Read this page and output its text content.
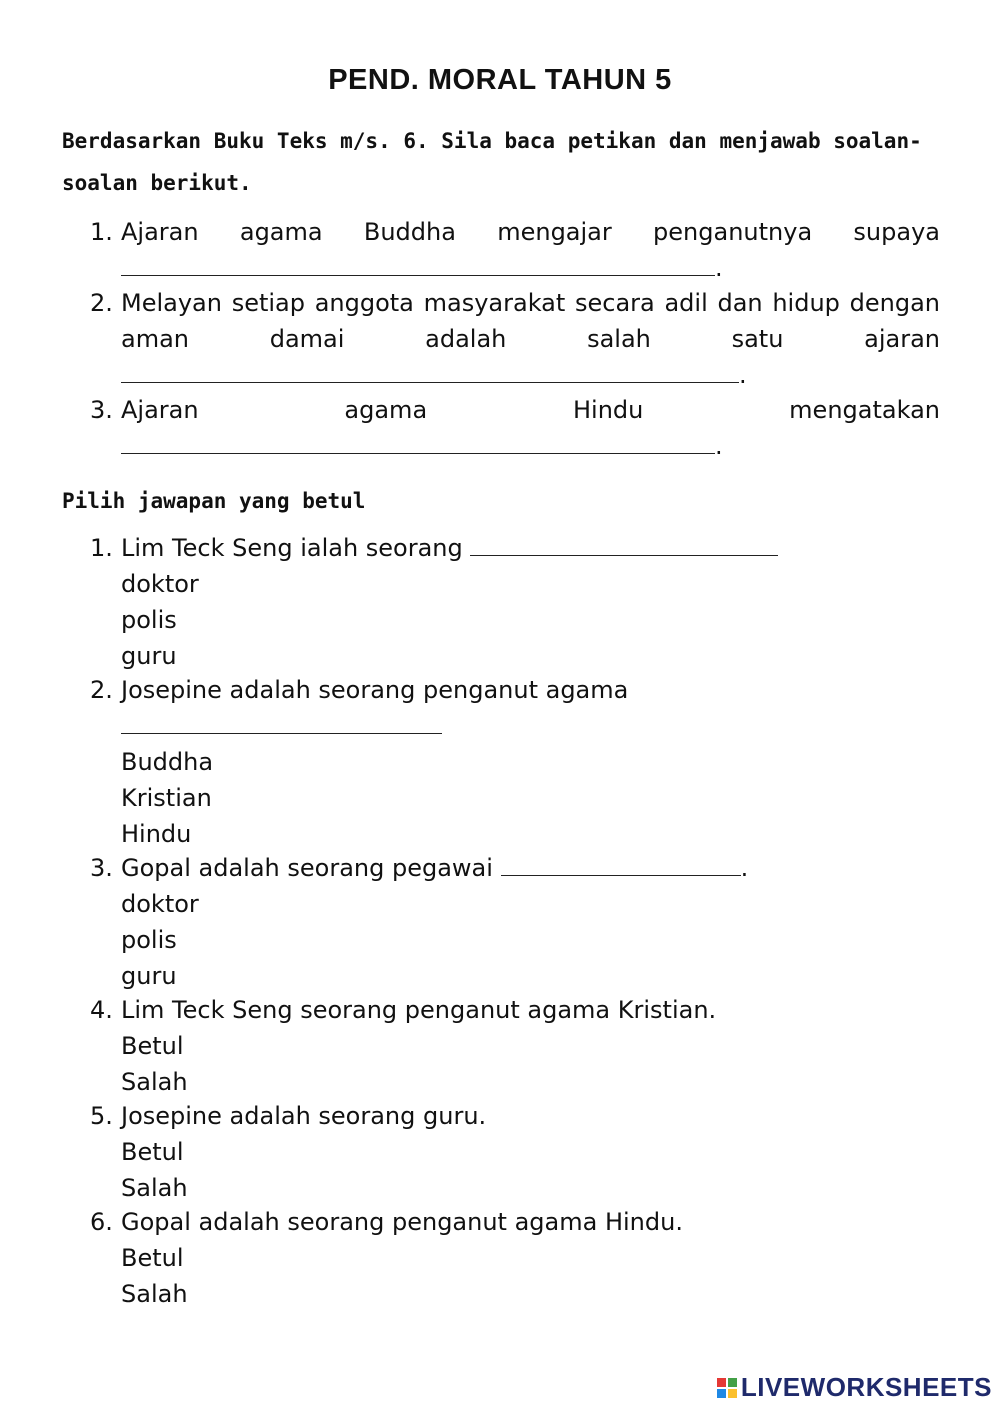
PEND. MORAL TAHUN 5
Berdasarkan Buku Teks m/s. 6. Sila baca petikan dan menjawab soalan-soalan berikut.
1. Ajaran agama Buddha mengajar penganutnya supaya
.
2. Melayan setiap anggota masyarakat secara adil dan hidup dengan aman damai adalah salah satu ajaran
.
3. Ajaran agama Hindu mengatakan
.
Pilih jawapan yang betul
1. Lim Teck Seng ialah seorang
doktor
polis
guru
2. Josepine adalah seorang penganut agama
Buddha
Kristian
Hindu
3. Gopal adalah seorang pegawai	.
doktor
polis
guru
4. Lim Teck Seng seorang penganut agama Kristian.
Betul
Salah
5. Josepine adalah seorang guru.
Betul
Salah
6. Gopal adalah seorang penganut agama Hindu.
Betul
Salah
LIVEWORKSHEETS
